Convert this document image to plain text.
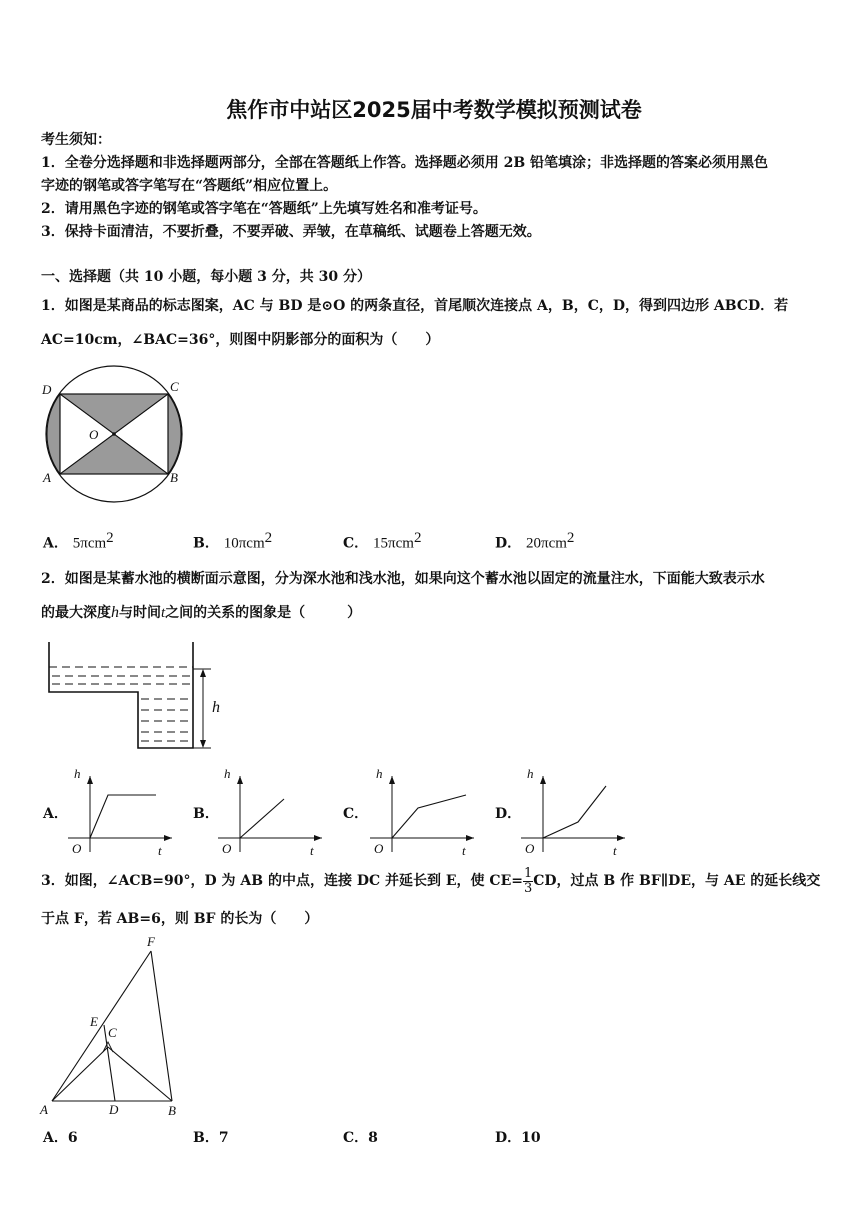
焦作市中站区2025届中考数学模拟预测试卷
考生须知：
1．全卷分选择题和非选择题两部分，全部在答题纸上作答。选择题必须用 2B 铅笔填涂；非选择题的答案必须用黑色
字迹的钢笔或答字笔写在“答题纸”相应位置上。
2．请用黑色字迹的钢笔或答字笔在“答题纸”上先填写姓名和准考证号。
3．保持卡面清洁，不要折叠，不要弄破、弄皱，在草稿纸、试题卷上答题无效。
一、选择题（共 10 小题，每小题 3 分，共 30 分）
1．如图是某商品的标志图案，AC 与 BD 是⊙O 的两条直径，首尾顺次连接点 A，B，C，D，得到四边形 ABCD．若
AC=10cm，∠BAC=36°，则图中阴影部分的面积为（　　）
D	C
O
A	B
A． 5πcm$^2$	B． 10πcm$^2$	C． 15πcm$^2$	D． 20πcm$^2$
2．如图是某蓄水池的横断面示意图，分为深水池和浅水池，如果向这个蓄水池以固定的流量注水，下面能大致表示水
的最大深度h与时间t之间的关系的图象是（　　　）
h
h
t
O
h
t
O
h
t
O
h
t
O
A．	B．	C．	D．
3．如图，∠ACB=90°，D 为 AB 的中点，连接 DC 并延长到 E，使 $CE= \frac{1}{3}$ CD，过点 B 作 BF∥DE，与 AE 的延长线交
于点 F，若 AB=6，则 BF 的长为（　　）
F
E
C
A	D	B
A．6	B．7	C．8	D．10
